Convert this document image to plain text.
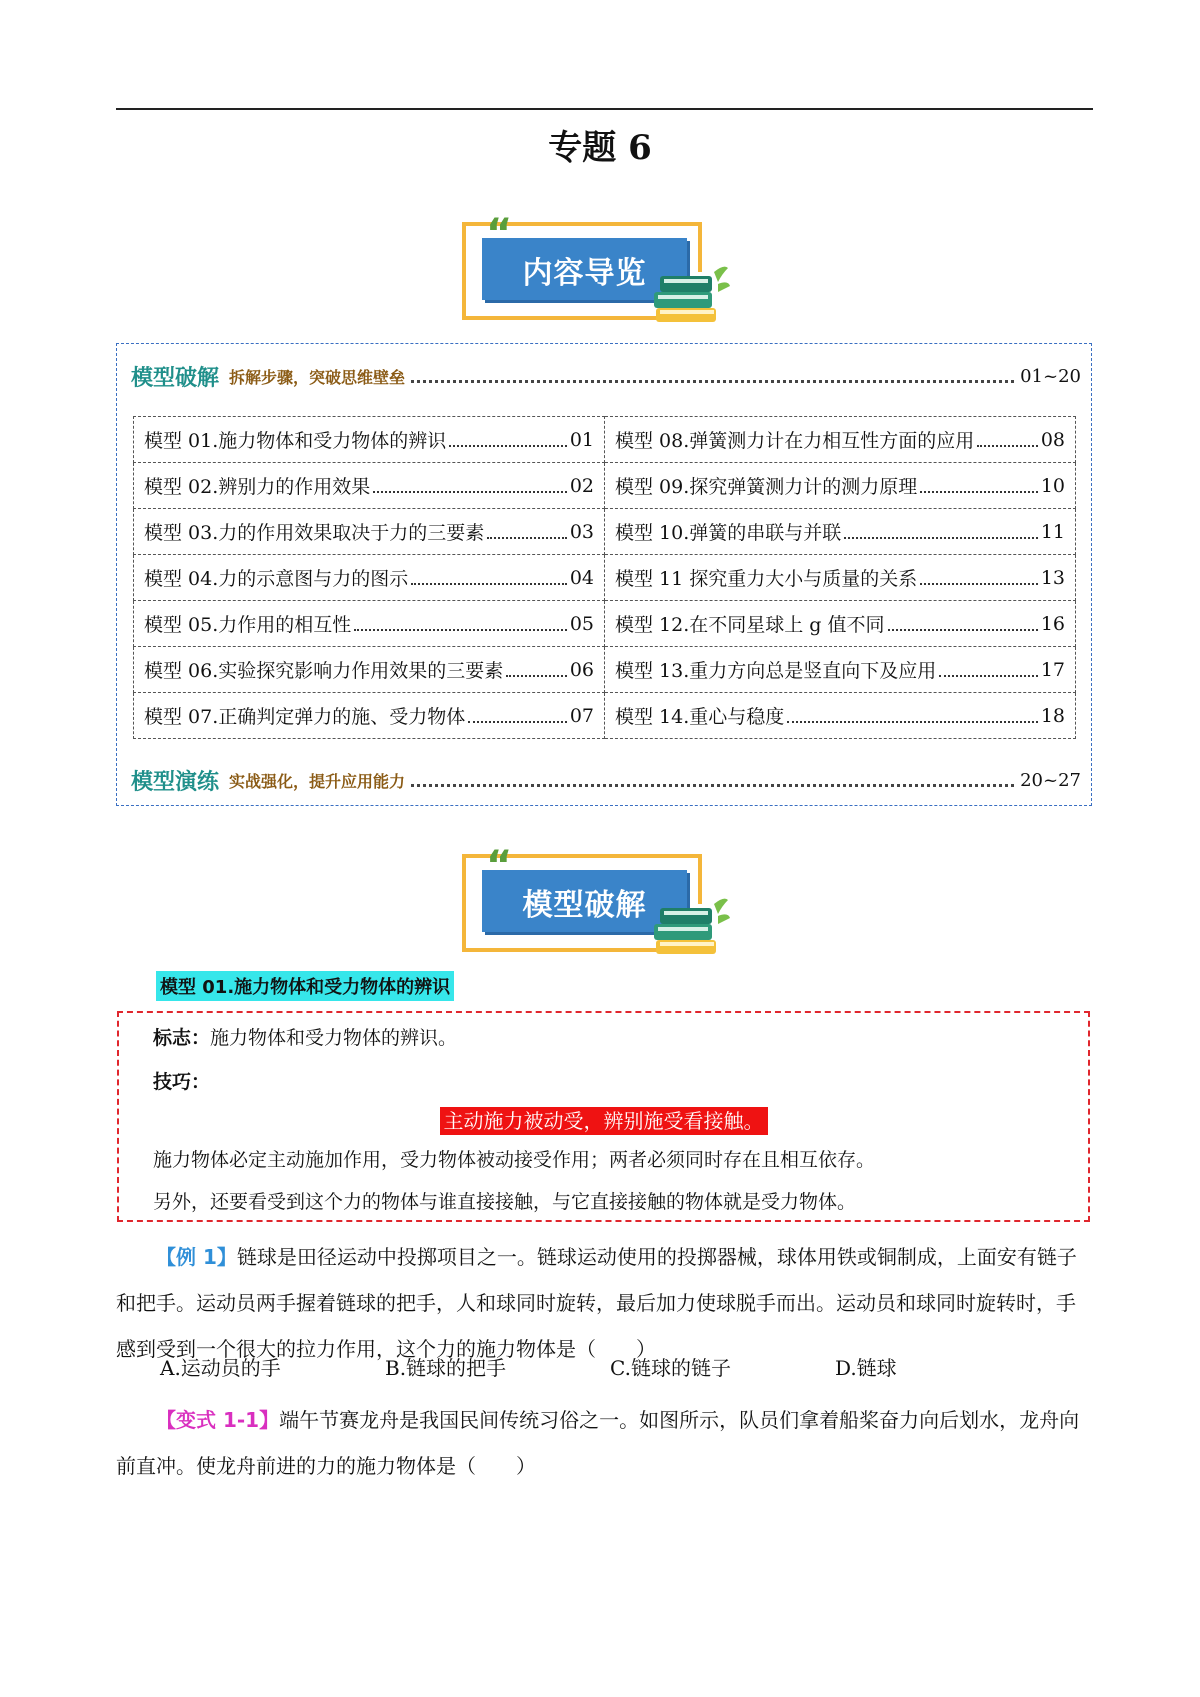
专题 6
内容导览
“
模型破解 拆解步骤，突破思维壁垒	01~20
模型 01.施力物体和受力物体的辨识 01	模型 08.弹簧测力计在力相互性方面的应用 08

模型 02.辨别力的作用效果 02	模型 09.探究弹簧测力计的测力原理 10

模型 03.力的作用效果取决于力的三要素 03	模型 10.弹簧的串联与并联 11

模型 04.力的示意图与力的图示 04	模型 11 探究重力大小与质量的关系 13

模型 05.力作用的相互性 05	模型 12.在不同星球上 g 值不同 16

模型 06.实验探究影响力作用效果的三要素 06	模型 13.重力方向总是竖直向下及应用 17

模型 07.正确判定弹力的施、受力物体 07	模型 14.重心与稳度 18
模型演练 实战强化，提升应用能力	20~27
模型破解
“
模型 01.施力物体和受力物体的辨识
标志：施力物体和受力物体的辨识。
技巧：
主动施力被动受，辨别施受看接触。
施力物体必定主动施加作用，受力物体被动接受作用；两者必须同时存在且相互依存。
另外，还要看受到这个力的物体与谁直接接触，与它直接接触的物体就是受力物体。
【例 1】链球是田径运动中投掷项目之一。链球运动使用的投掷器械，球体用铁或铜制成，上面安有链子和把手。运动员两手握着链球的把手，人和球同时旋转，最后加力使球脱手而出。运动员和球同时旋转时，手感到受到一个很大的拉力作用，这个力的施力物体是（　　）
A.运动员的手	B.链球的把手	C.链球的链子	D.链球
【变式 1-1】端午节赛龙舟是我国民间传统习俗之一。如图所示，队员们拿着船桨奋力向后划水，龙舟向前直冲。使龙舟前进的力的施力物体是（　　）
